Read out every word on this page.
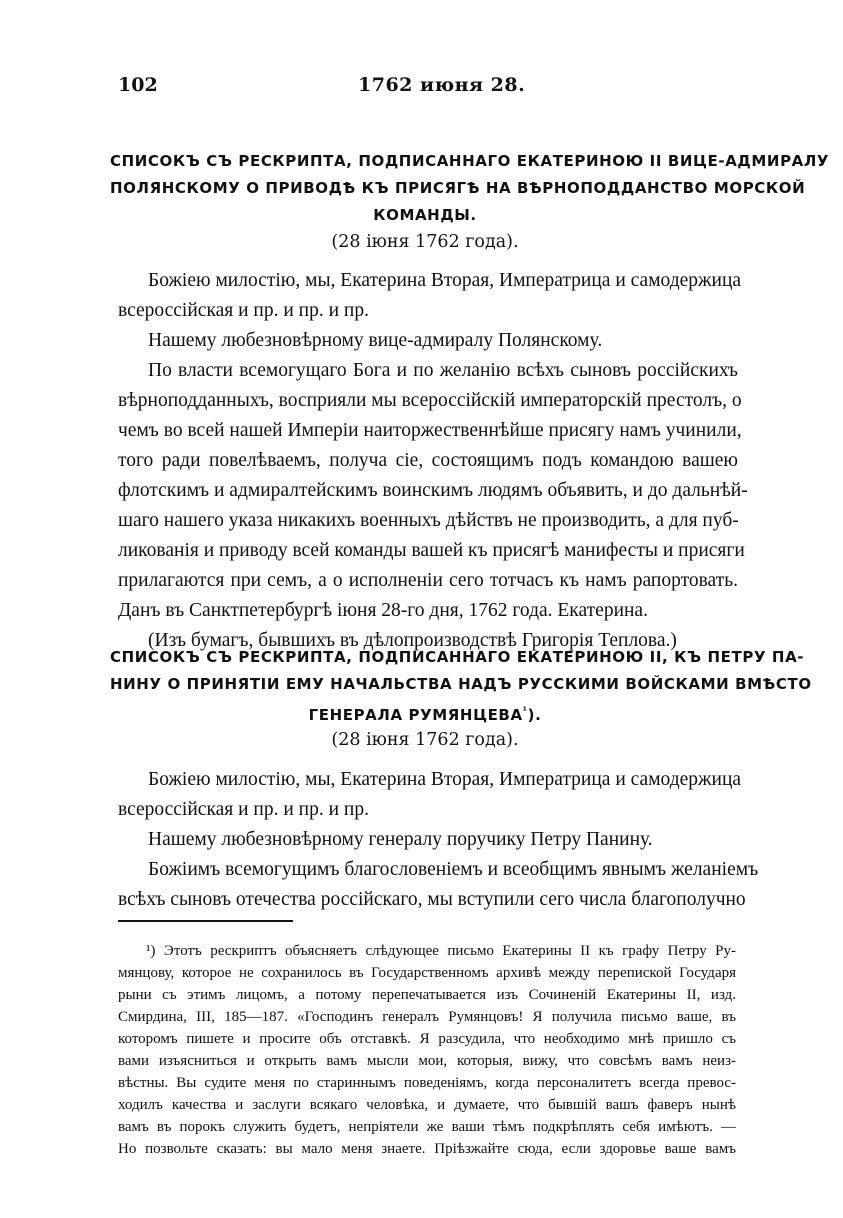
102	1762 июня 28.
СПИСОКЪ СЪ РЕСКРИПТА, ПОДПИСАННАГО ЕКАТЕРИНОЮ II ВИЦЕ-АДМИРАЛУ
ПОЛЯНСКОМУ О ПРИВОДѢ КЪ ПРИСЯГѢ НА ВѢРНОПОДДАНСТВО МОРСКОЙ
КОМАНДЫ.
(28 іюня 1762 года).
Божіею милостію, мы, Екатерина Вторая, Императрица и самодержица
всероссійская и пр. и пр. и пр.
Нашему любезновѣрному вице-адмиралу Полянскому.
По власти всемогущаго Бога и по желанію всѣхъ сыновъ россійскихъ
вѣрноподданныхъ, восприяли мы всероссійскій императорскій престолъ, о
чемъ во всей нашей Имперіи наиторжественнѣйше присягу намъ учинили,
того ради повелѣваемъ, получа сіе, состоящимъ подъ командою вашею
флотскимъ и адмиралтейскимъ воинскимъ людямъ объявить, и до дальнѣй-
шаго нашего указа никакихъ военныхъ дѣйствъ не производить, а для пуб-
ликованія и приводу всей команды вашей къ присягѣ манифесты и присяги
прилагаются при семъ, а о исполненіи сего тотчасъ къ намъ рапортовать.
Данъ въ Санктпетербургѣ іюня 28-го дня, 1762 года. Екатерина.
(Изъ бумагъ, бывшихъ въ дѣлопроизводствѣ Григорія Теплова.)
СПИСОКЪ СЪ РЕСКРИПТА, ПОДПИСАННАГО ЕКАТЕРИНОЮ II, КЪ ПЕТРУ ПА-
НИНУ О ПРИНЯТІИ ЕМУ НАЧАЛЬСТВА НАДЪ РУССКИМИ ВОЙСКАМИ ВМѢСТО
ГЕНЕРАЛА $РУМЯНЦЕВА^{^1}$).
(28 іюня 1762 года).
Божіею милостію, мы, Екатерина Вторая, Императрица и самодержица
всероссійская и пр. и пр. и пр.
Нашему любезновѣрному генералу поручику Петру Панину.
Божіимъ всемогущимъ благословеніемъ и всеобщимъ явнымъ желаніемъ
всѣхъ сыновъ отечества россійскаго, мы вступили сего числа благополучно
¹) Этотъ рескриптъ объясняетъ слѣдующее письмо Екатерины II къ графу Петру Ру-
мянцову, которое не сохранилось въ Государственномъ архивѣ между перепиской Государя
рыни съ этимъ лицомъ, а потому перепечатывается изъ Сочиненій Екатерины II, изд.
Смирдина, III, 185—187. «Господинъ генералъ Румянцовъ! Я получила письмо ваше, въ
которомъ пишете и просите объ отставкѣ. Я разсудила, что необходимо мнѣ пришло съ
вами изъясниться и открыть вамъ мысли мои, которыя, вижу, что совсѣмъ вамъ неиз-
вѣстны. Вы судите меня по стариннымъ поведеніямъ, когда персоналитетъ всегда превос-
ходилъ качества и заслуги всякаго человѣка, и думаете, что бывшій вашъ фаверъ нынѣ
вамъ въ порокъ служить будетъ, непріятели же ваши тѣмъ подкрѣплять себя имѣютъ. —
Но позвольте сказать: вы мало меня знаете. Пріѣзжайте сюда, если здоровье ваше вамъ
